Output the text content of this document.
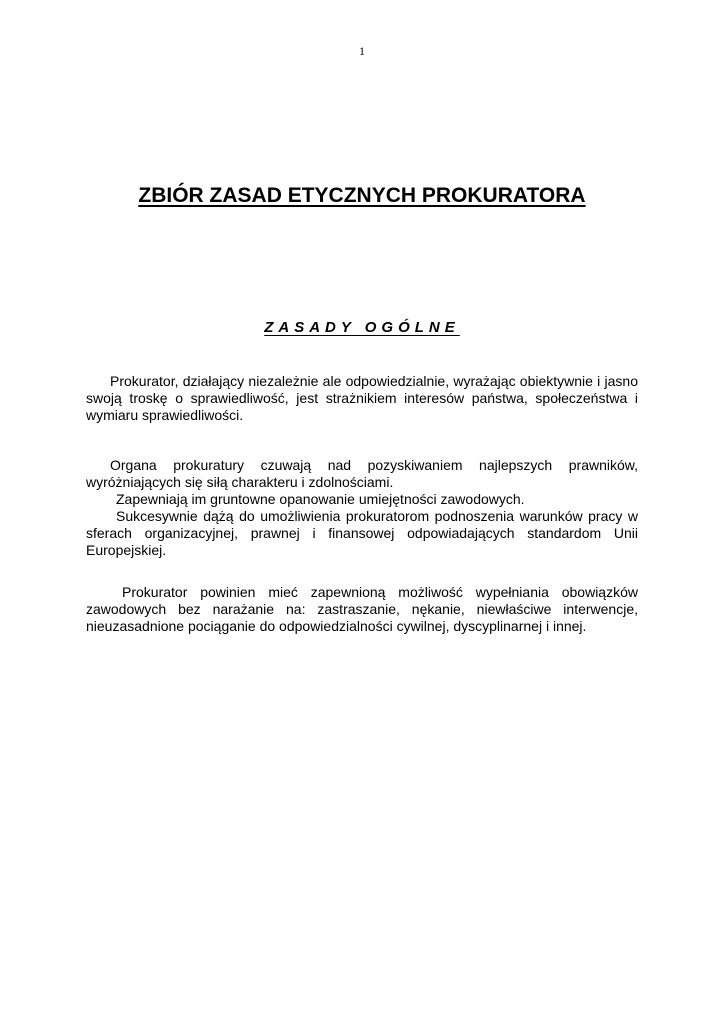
1
ZBIÓR ZASAD ETYCZNYCH PROKURATORA
ZASADY OGÓLNE

Prokurator, działający niezależnie ale odpowiedzialnie, wyrażając obiektywnie i jasno swoją troskę o sprawiedliwość, jest strażnikiem interesów państwa, społeczeństwa i wymiaru sprawiedliwości.

Organa prokuratury czuwają nad pozyskiwaniem najlepszych prawników, wyróżniających się siłą charakteru i zdolnościami.

Zapewniają im gruntowne opanowanie umiejętności zawodowych.

Sukcesywnie dążą do umożliwienia prokuratorom podnoszenia warunków pracy w sferach organizacyjnej, prawnej i finansowej odpowiadających standardom Unii Europejskiej.

Prokurator powinien mieć zapewnioną możliwość wypełniania obowiązków zawodowych bez narażanie na: zastraszanie, nękanie, niewłaściwe interwencje, nieuzasadnione pociąganie do odpowiedzialności cywilnej, dyscyplinarnej i innej.
